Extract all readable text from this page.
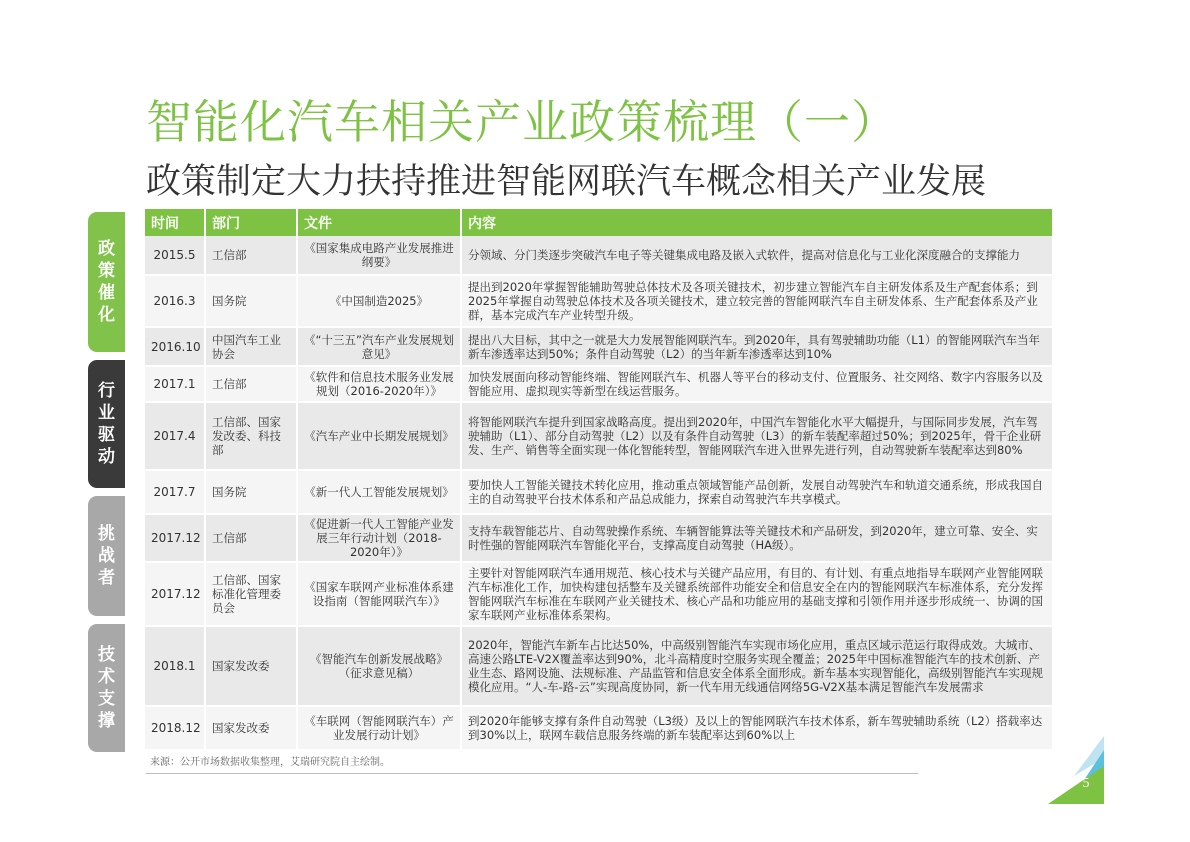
智能化汽车相关产业政策梳理（一）
政策制定大力扶持推进智能网联汽车概念相关产业发展
政策催化
行业驱动
挑战者
技术支撑
时间	部门	文件	内容
2015.5	工信部	《国家集成电路产业发展推进纲要》	分领域、分门类逐步突破汽车电子等关键集成电路及嵌入式软件，提高对信息化与工业化深度融合的支撑能力
2016.3	国务院	《中国制造2025》	提出到2020年掌握智能辅助驾驶总体技术及各项关键技术，初步建立智能汽车自主研发体系及生产配套体系；到2025年掌握自动驾驶总体技术及各项关键技术，建立较完善的智能网联汽车自主研发体系、生产配套体系及产业群，基本完成汽车产业转型升级。
2016.10	中国汽车工业协会	《“十三五”汽车产业发展规划意见》	提出八大目标，其中之一就是大力发展智能网联汽车。到2020年，具有驾驶辅助功能（L1）的智能网联汽车当年新车渗透率达到50%；条件自动驾驶（L2）的当年新车渗透率达到10%
2017.1	工信部	《软件和信息技术服务业发展规划（2016-2020年）》	加快发展面向移动智能终端、智能网联汽车、机器人等平台的移动支付、位置服务、社交网络、数字内容服务以及智能应用、虚拟现实等新型在线运营服务。
2017.4	工信部、国家发改委、科技部	《汽车产业中长期发展规划》	将智能网联汽车提升到国家战略高度。提出到2020年，中国汽车智能化水平大幅提升，与国际同步发展，汽车驾驶辅助（L1）、部分自动驾驶（L2）以及有条件自动驾驶（L3）的新车装配率超过50%；到2025年，骨干企业研发、生产、销售等全面实现一体化智能转型，智能网联汽车进入世界先进行列，自动驾驶新车装配率达到80%
2017.7	国务院	《新一代人工智能发展规划》	要加快人工智能关键技术转化应用，推动重点领域智能产品创新，发展自动驾驶汽车和轨道交通系统，形成我国自主的自动驾驶平台技术体系和产品总成能力，探索自动驾驶汽车共享模式。
2017.12	工信部	《促进新一代人工智能产业发展三年行动计划（2018-2020年）》	支持车载智能芯片、自动驾驶操作系统、车辆智能算法等关键技术和产品研发，到2020年，建立可靠、安全、实时性强的智能网联汽车智能化平台，支撑高度自动驾驶（HA级）。
2017.12	工信部、国家标准化管理委员会	《国家车联网产业标准体系建设指南（智能网联汽车）》	主要针对智能网联汽车通用规范、核心技术与关键产品应用，有目的、有计划、有重点地指导车联网产业智能网联汽车标准化工作，加快构建包括整车及关键系统部件功能安全和信息安全在内的智能网联汽车标准体系，充分发挥智能网联汽车标准在车联网产业关键技术、核心产品和功能应用的基础支撑和引领作用并逐步形成统一、协调的国家车联网产业标准体系架构。
2018.1	国家发改委	《智能汽车创新发展战略》（征求意见稿）	2020年，智能汽车新车占比达50%，中高级别智能汽车实现市场化应用，重点区域示范运行取得成效。大城市、高速公路LTE-V2X覆盖率达到90%，北斗高精度时空服务实现全覆盖；2025年中国标准智能汽车的技术创新、产业生态、路网设施、法规标准、产品监管和信息安全体系全面形成。新车基本实现智能化，高级别智能汽车实现规模化应用。“人-车-路-云”实现高度协同，新一代车用无线通信网络5G-V2X基本满足智能汽车发展需求
2018.12	国家发改委	《车联网（智能网联汽车）产业发展行动计划》	到2020年能够支撑有条件自动驾驶（L3级）及以上的智能网联汽车技术体系，新车驾驶辅助系统（L2）搭载率达到30%以上，联网车载信息服务终端的新车装配率达到60%以上
来源：公开市场数据收集整理，艾瑞研究院自主绘制。
5
